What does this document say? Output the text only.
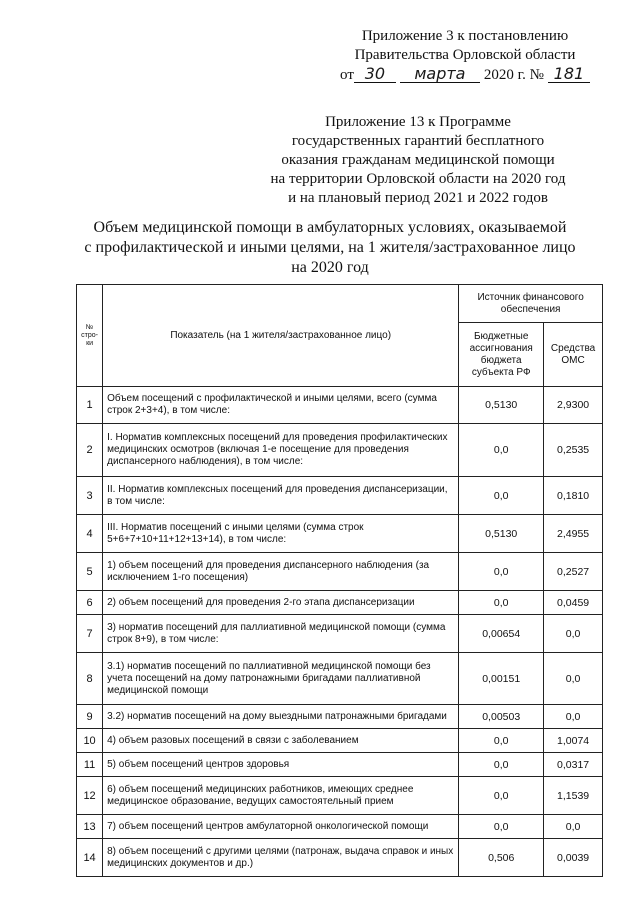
Приложение 3 к постановлению
Правительства Орловской области
от 30	марта	2020 г. № 181
Приложение 13 к Программе
государственных гарантий бесплатного
оказания гражданам медицинской помощи
на территории Орловской области на 2020 год
и на плановый период 2021 и 2022 годов
Объем медицинской помощи в амбулаторных условиях, оказываемой
с профилактической и иными целями, на 1 жителя/застрахованное лицо
на 2020 год
№ стро-ки	Показатель (на 1 жителя/застрахованное лицо)	Источник финансового обеспечения	
		Бюджетные ассигнования бюджета субъекта РФ	Средства ОМС
1	Объем посещений с профилактической и иными целями, всего (сумма строк 2+3+4), в том числе:	0,5130	2,9300
2	I. Норматив комплексных посещений для проведения профилактических медицинских осмотров (включая 1-е посещение для проведения диспансерного наблюдения), в том числе:	0,0	0,2535
3	II. Норматив комплексных посещений для проведения диспансеризации, в том числе:	0,0	0,1810
4	III. Норматив посещений с иными целями (сумма строк 5+6+7+10+11+12+13+14), в том числе:	0,5130	2,4955
5	1) объем посещений для проведения диспансерного наблюдения (за исключением 1-го посещения)	0,0	0,2527
6	2) объем посещений для проведения 2-го этапа диспансеризации	0,0	0,0459
7	3) норматив посещений для паллиативной медицинской помощи (сумма строк 8+9), в том числе:	0,00654	0,0
8	3.1) норматив посещений по паллиативной медицинской помощи без учета посещений на дому патронажными бригадами паллиативной медицинской помощи	0,00151	0,0
9	3.2) норматив посещений на дому выездными патронажными бригадами	0,00503	0,0
10	4) объем разовых посещений в связи с заболеванием	0,0	1,0074
11	5) объем посещений центров здоровья	0,0	0,0317
12	6) объем посещений медицинских работников, имеющих среднее медицинское образование, ведущих самостоятельный прием	0,0	1,1539
13	7) объем посещений центров амбулаторной онкологической помощи	0,0	0,0
14	8) объем посещений с другими целями (патронаж, выдача справок и иных медицинских документов и др.)	0,506	0,0039
